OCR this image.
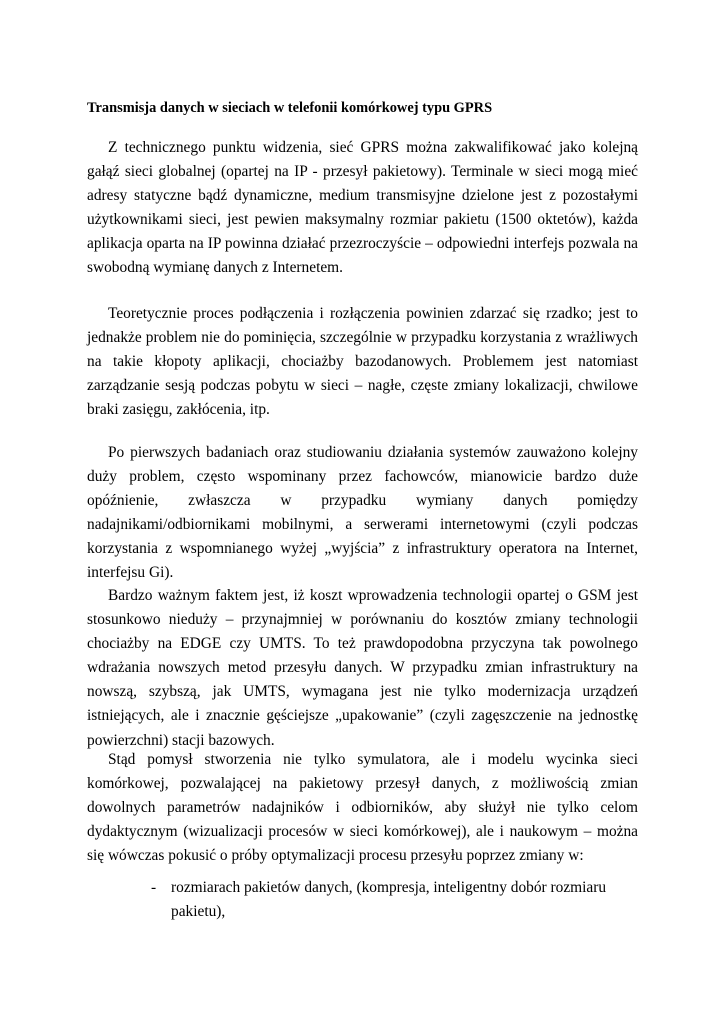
Transmisja danych w sieciach w telefonii komórkowej typu GPRS

Z technicznego punktu widzenia, sieć GPRS można zakwalifikować jako kolejną gałąź sieci globalnej (opartej na IP - przesył pakietowy). Terminale w sieci mogą mieć adresy statyczne bądź dynamiczne, medium transmisyjne dzielone jest z pozostałymi użytkownikami sieci, jest pewien maksymalny rozmiar pakietu (1500 oktetów), każda aplikacja oparta na IP powinna działać przezroczyście – odpowiedni interfejs pozwala na swobodną wymianę danych z Internetem.

Teoretycznie proces podłączenia i rozłączenia powinien zdarzać się rzadko; jest to jednakże problem nie do pominięcia, szczególnie w przypadku korzystania z wrażliwych na takie kłopoty aplikacji, chociażby bazodanowych. Problemem jest natomiast zarządzanie sesją podczas pobytu w sieci – nagłe, częste zmiany lokalizacji, chwilowe braki zasięgu, zakłócenia, itp.

Po pierwszych badaniach oraz studiowaniu działania systemów zauważono kolejny duży problem, często wspominany przez fachowców, mianowicie bardzo duże opóźnienie, zwłaszcza w przypadku wymiany danych pomiędzy nadajnikami/odbiornikami mobilnymi, a serwerami internetowymi (czyli podczas korzystania z wspomnianego wyżej „wyjścia” z infrastruktury operatora na Internet, interfejsu Gi).

Bardzo ważnym faktem jest, iż koszt wprowadzenia technologii opartej o GSM jest stosunkowo nieduży – przynajmniej w porównaniu do kosztów zmiany technologii chociażby na EDGE czy UMTS. To też prawdopodobna przyczyna tak powolnego wdrażania nowszych metod przesyłu danych. W przypadku zmian infrastruktury na nowszą, szybszą, jak UMTS, wymagana jest nie tylko modernizacja urządzeń istniejących, ale i znacznie gęściejsze „upakowanie” (czyli zagęszczenie na jednostkę powierzchni) stacji bazowych.

Stąd pomysł stworzenia nie tylko symulatora, ale i modelu wycinka sieci komórkowej, pozwalającej na pakietowy przesył danych, z możliwością zmian dowolnych parametrów nadajników i odbiorników, aby służył nie tylko celom dydaktycznym (wizualizacji procesów w sieci komórkowej), ale i naukowym – można się wówczas pokusić o próby optymalizacji procesu przesyłu poprzez zmiany w:

- rozmiarach pakietów danych, (kompresja, inteligentny dobór rozmiaru
pakietu),
